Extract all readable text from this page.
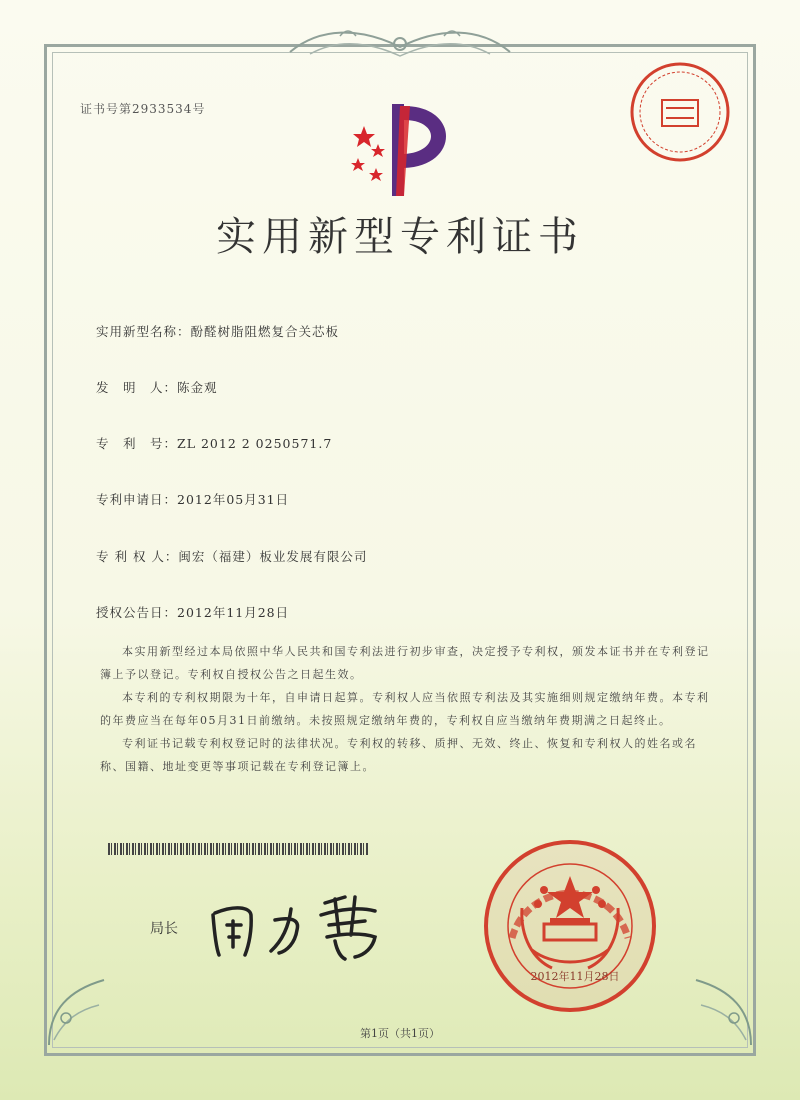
证书号第2933534号
实用新型专利证书
实用新型名称：酚醛树脂阻燃复合关芯板
发　明　人：陈金观
专　利　号：ZL 2012 2 0250571.7
专利申请日：2012年05月31日
专 利 权 人：闽宏（福建）板业发展有限公司
授权公告日：2012年11月28日

本实用新型经过本局依照中华人民共和国专利法进行初步审查，决定授予专利权，颁发本证书并在专利登记簿上予以登记。专利权自授权公告之日起生效。

本专利的专利权期限为十年，自申请日起算。专利权人应当依照专利法及其实施细则规定缴纳年费。本专利的年费应当在每年05月31日前缴纳。未按照规定缴纳年费的，专利权自应当缴纳年费期满之日起终止。

专利证书记载专利权登记时的法律状况。专利权的转移、质押、无效、终止、恢复和专利权人的姓名或名称、国籍、地址变更等事项记载在专利登记簿上。

局长
2012年11月28日
第1页（共1页）
